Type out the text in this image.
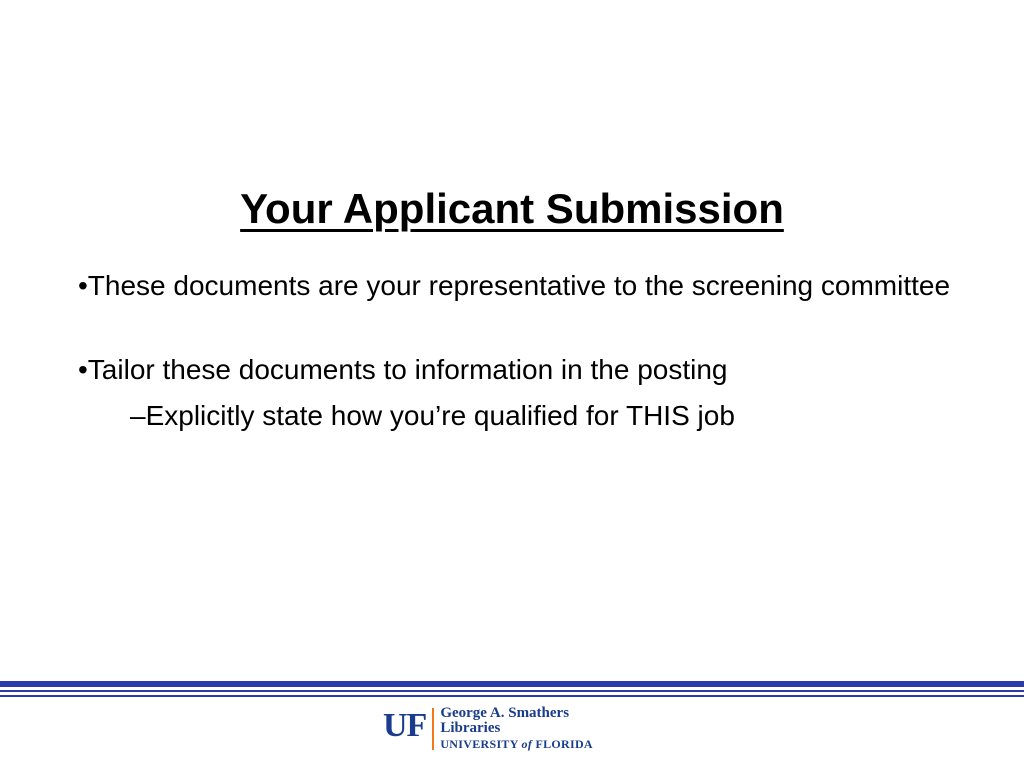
Your Applicant Submission

•These documents are your representative to the screening committee

•Tailor these documents to information in the posting

–Explicitly state how you’re qualified for THIS job

UF George A. Smathers
Libraries
UNIVERSITY of FLORIDA
